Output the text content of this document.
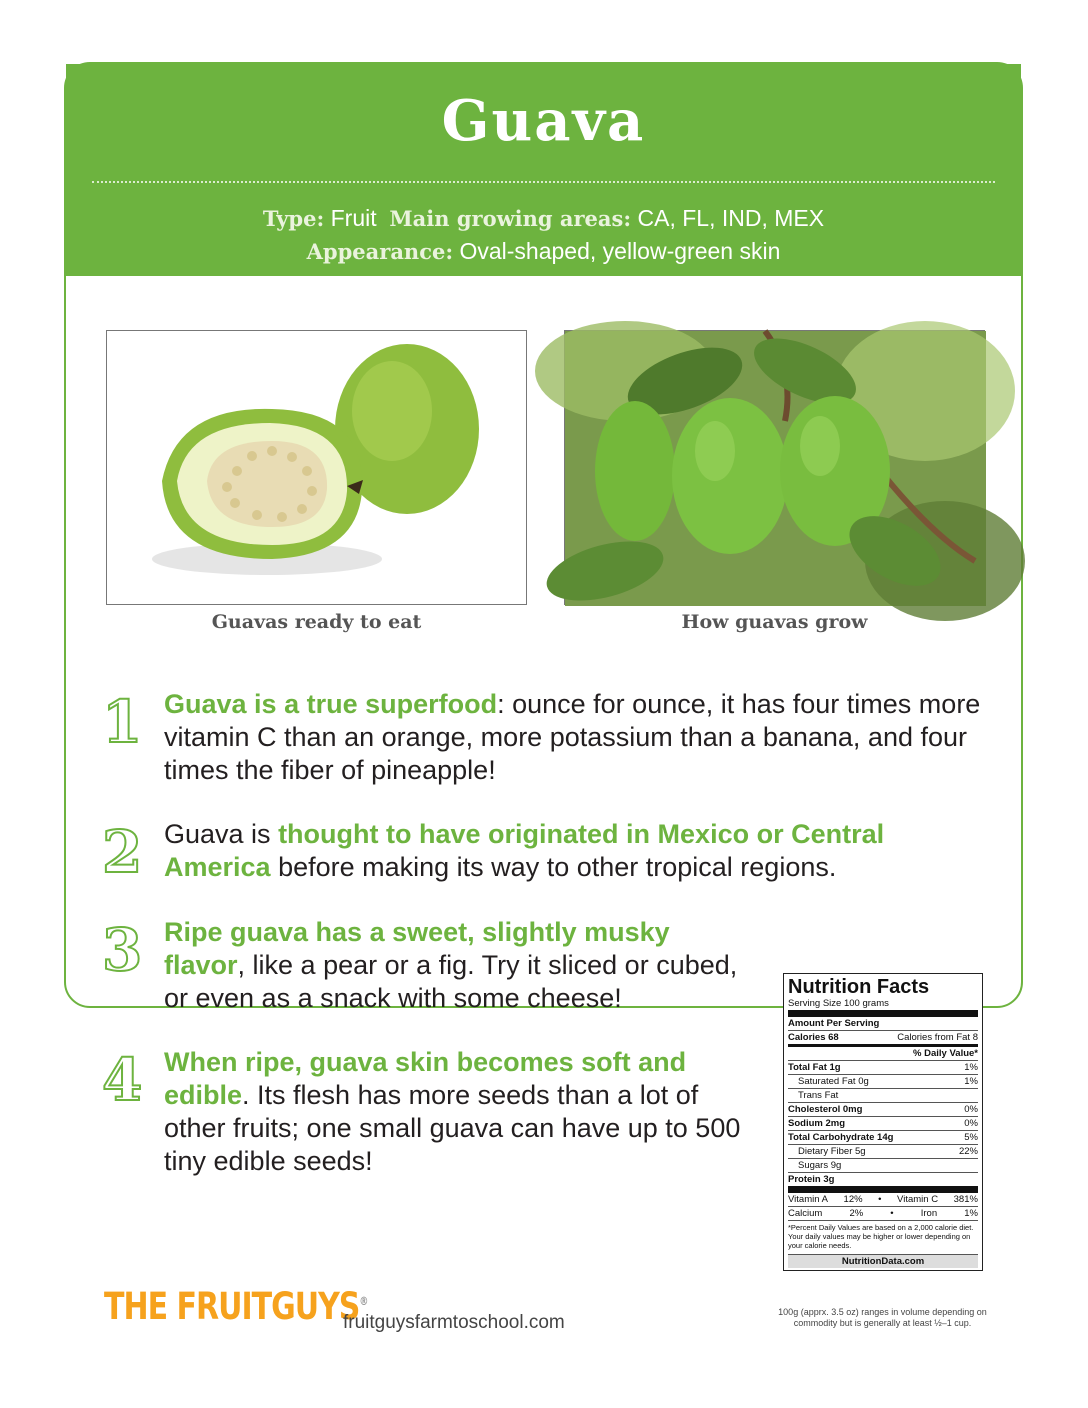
Guava
Type: Fruit Main growing areas: CA, FL, IND, MEX
Appearance: Oval-shaped, yellow-green skin
Guavas ready to eat	How guavas grow
1 Guava is a true superfood: ounce for ounce, it has four times more vitamin C than an orange, more potassium than a banana, and four times the fiber of pineapple!
2 Guava is thought to have originated in Mexico or Central America before making its way to other tropical regions.
3 Ripe guava has a sweet, slightly musky flavor, like a pear or a fig. Try it sliced or cubed, or even as a snack with some cheese!
4 When ripe, guava skin becomes soft and edible. Its flesh has more seeds than a lot of other fruits; one small guava can have up to 500 tiny edible seeds!
Nutrition Facts
Serving Size 100 grams
Amount Per Serving
Calories 68	Calories from Fat 8
% Daily Value*
Total Fat 1g	1%
Saturated Fat 0g	1%
Trans Fat
Cholesterol 0mg	0%
Sodium 2mg	0%
Total Carbohydrate 14g	5%
Dietary Fiber 5g	22%
Sugars 9g
Protein 3g
Vitamin A 12% • Vitamin C 381%
Calcium	2%	•	Iron	1%
*Percent Daily Values are based on a 2,000 calorie diet. Your daily values may be higher or lower depending on your calorie needs.
NutritionData.com
100g (apprx. 3.5 oz) ranges in volume depending on commodity but is generally at least ½–1 cup.
THE FRUITGUYS®
fruitguysfarmtoschool.com
